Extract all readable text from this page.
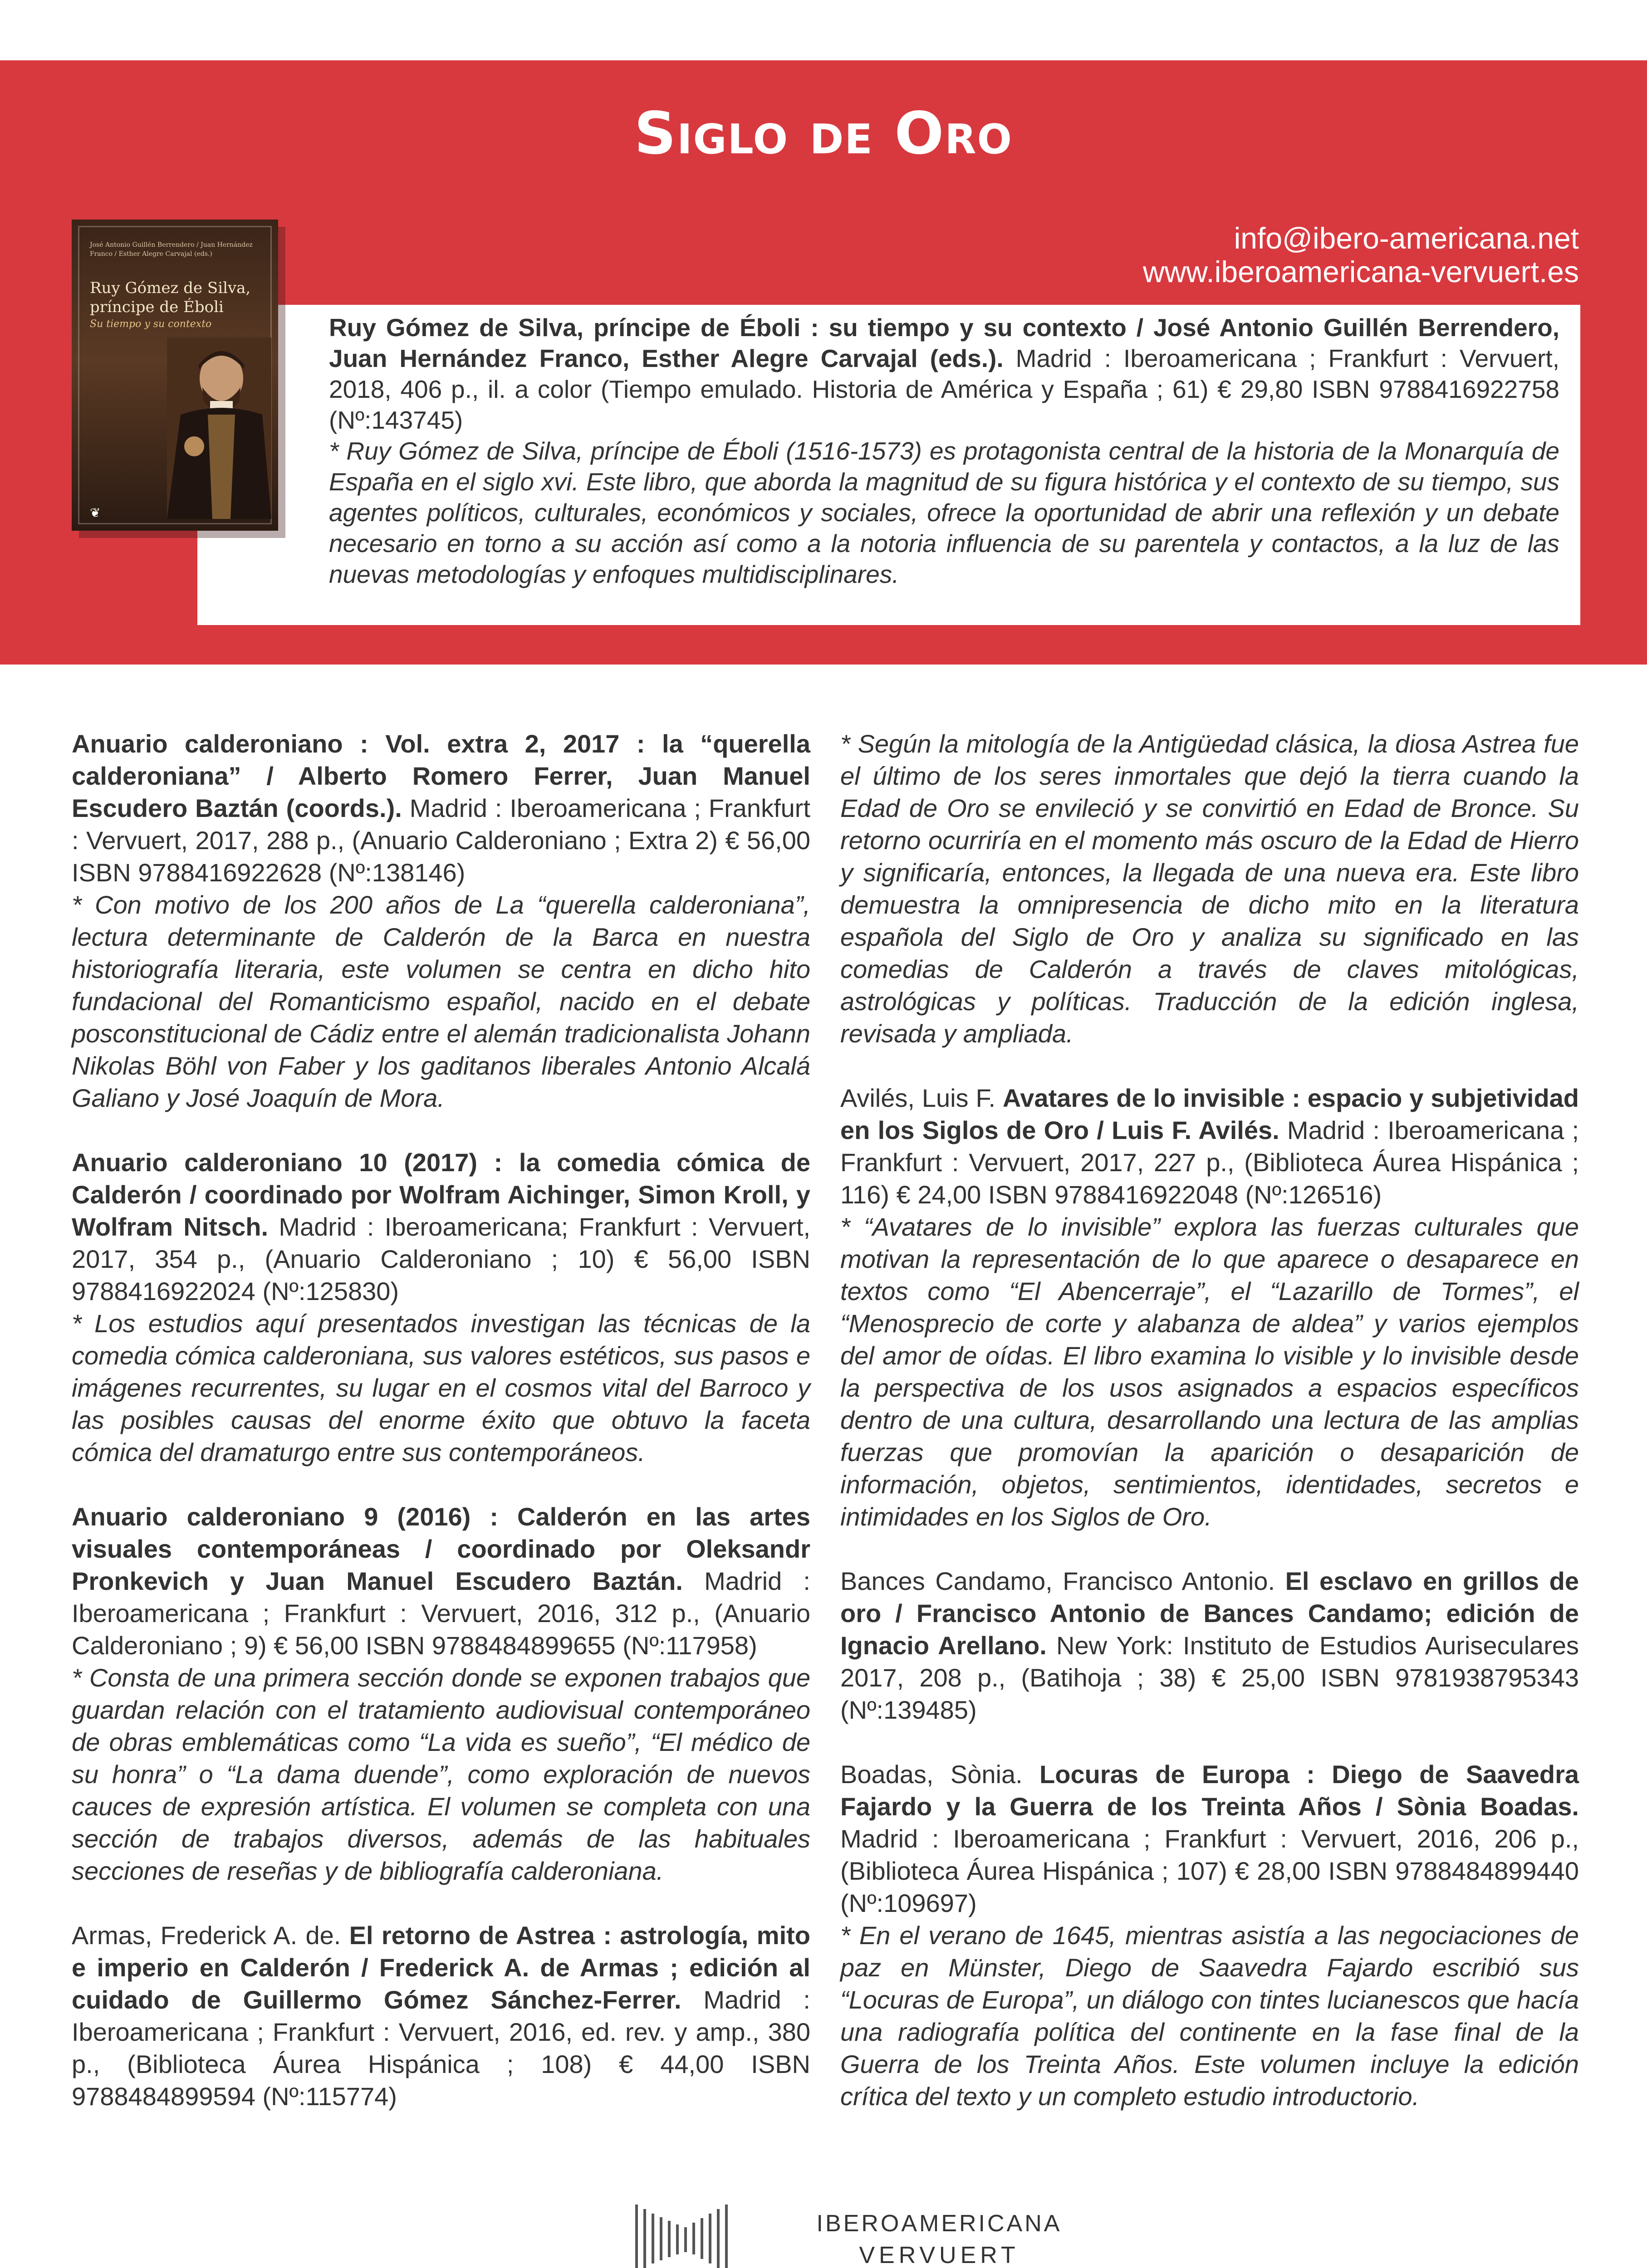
Siglo de Oro
info@ibero-americana.net
www.iberoamericana-vervuert.es
José Antonio Guillén Berrendero / Juan Hernández Franco / Esther Alegre Carvajal (eds.)
Ruy Gómez de Silva, príncipe de Éboli
Su tiempo y su contexto
❦
Ruy Gómez de Silva, príncipe de Éboli : su tiempo y su contexto / José Antonio Guillén Berrendero, Juan Hernández Franco, Esther Alegre Carvajal (eds.). Madrid : Iberoamericana ; Frankfurt : Vervuert, 2018, 406 p., il. a color (Tiempo emulado. Historia de América y España ; 61) € 29,80 ISBN 9788416922758 (Nº:143745)
* Ruy Gómez de Silva, príncipe de Éboli (1516-1573) es protagonista central de la historia de la Monarquía de España en el siglo xvi. Este libro, que aborda la magnitud de su figura histórica y el contexto de su tiempo, sus agentes políticos, culturales, económicos y sociales, ofrece la oportunidad de abrir una reflexión y un debate necesario en torno a su acción así como a la notoria influencia de su parentela y contactos, a la luz de las nuevas metodologías y enfoques multidisciplinares.
Anuario calderoniano : Vol. extra 2, 2017 : la “querella calderoniana” / Alberto Romero Ferrer, Juan Manuel Escudero Baztán (coords.). Madrid : Iberoamericana ; Frankfurt : Vervuert, 2017, 288 p., (Anuario Calderoniano ; Extra 2) € 56,00 ISBN 9788416922628 (Nº:138146)
* Con motivo de los 200 años de La “querella calderoniana”, lectura determinante de Calderón de la Barca en nuestra historiografía literaria, este volumen se centra en dicho hito fundacional del Romanticismo español, nacido en el debate posconstitucional de Cádiz entre el alemán tradicionalista Johann Nikolas Böhl von Faber y los gaditanos liberales Antonio Alcalá Galiano y José Joaquín de Mora.
Anuario calderoniano 10 (2017) : la comedia cómica de Calderón / coordinado por Wolfram Aichinger, Simon Kroll, y Wolfram Nitsch. Madrid : Iberoamericana; Frankfurt : Vervuert, 2017, 354 p., (Anuario Calderoniano ; 10) € 56,00 ISBN 9788416922024 (Nº:125830)
* Los estudios aquí presentados investigan las técnicas de la comedia cómica calderoniana, sus valores estéticos, sus pasos e imágenes recurrentes, su lugar en el cosmos vital del Barroco y las posibles causas del enorme éxito que obtuvo la faceta cómica del dramaturgo entre sus contemporáneos.
Anuario calderoniano 9 (2016) : Calderón en las artes visuales contemporáneas / coordinado por Oleksandr Pronkevich y Juan Manuel Escudero Baztán. Madrid : Iberoamericana ; Frankfurt : Vervuert, 2016, 312 p., (Anuario Calderoniano ; 9) € 56,00 ISBN 9788484899655 (Nº:117958)
* Consta de una primera sección donde se exponen trabajos que guardan relación con el tratamiento audiovisual contemporáneo de obras emblemáticas como “La vida es sueño”, “El médico de su honra” o “La dama duende”, como exploración de nuevos cauces de expresión artística. El volumen se completa con una sección de trabajos diversos, además de las habituales secciones de reseñas y de bibliografía calderoniana.
Armas, Frederick A. de. El retorno de Astrea : astrología, mito e imperio en Calderón / Frederick A. de Armas ; edición al cuidado de Guillermo Gómez Sánchez-Ferrer. Madrid : Iberoamericana ; Frankfurt : Vervuert, 2016, ed. rev. y amp., 380 p., (Biblioteca Áurea Hispánica ; 108) € 44,00 ISBN 9788484899594 (Nº:115774)
* Según la mitología de la Antigüedad clásica, la diosa Astrea fue el último de los seres inmortales que dejó la tierra cuando la Edad de Oro se envileció y se convirtió en Edad de Bronce. Su retorno ocurriría en el momento más oscuro de la Edad de Hierro y significaría, entonces, la llegada de una nueva era. Este libro demuestra la omnipresencia de dicho mito en la literatura española del Siglo de Oro y analiza su significado en las comedias de Calderón a través de claves mitológicas, astrológicas y políticas. Traducción de la edición inglesa, revisada y ampliada.
Avilés, Luis F. Avatares de lo invisible : espacio y subjetividad en los Siglos de Oro / Luis F. Avilés. Madrid : Iberoamericana ; Frankfurt : Vervuert, 2017, 227 p., (Biblioteca Áurea Hispánica ; 116) € 24,00 ISBN 9788416922048 (Nº:126516)
* “Avatares de lo invisible” explora las fuerzas culturales que motivan la representación de lo que aparece o desaparece en textos como “El Abencerraje”, el “Lazarillo de Tormes”, el “Menosprecio de corte y alabanza de aldea” y varios ejemplos del amor de oídas. El libro examina lo visible y lo invisible desde la perspectiva de los usos asignados a espacios específicos dentro de una cultura, desarrollando una lectura de las amplias fuerzas que promovían la aparición o desaparición de información, objetos, sentimientos, identidades, secretos e intimidades en los Siglos de Oro.
Bances Candamo, Francisco Antonio. El esclavo en grillos de oro / Francisco Antonio de Bances Candamo; edición de Ignacio Arellano. New York: Instituto de Estudios Auriseculares 2017, 208 p., (Batihoja ; 38) € 25,00 ISBN 9781938795343 (Nº:139485)
Boadas, Sònia. Locuras de Europa : Diego de Saavedra Fajardo y la Guerra de los Treinta Años / Sònia Boadas. Madrid : Iberoamericana ; Frankfurt : Vervuert, 2016, 206 p., (Biblioteca Áurea Hispánica ; 107) € 28,00 ISBN 9788484899440 (Nº:109697)
* En el verano de 1645, mientras asistía a las negociaciones de paz en Münster, Diego de Saavedra Fajardo escribió sus “Locuras de Europa”, un diálogo con tintes lucianescos que hacía una radiografía política del continente en la fase final de la Guerra de los Treinta Años. Este volumen incluye la edición crítica del texto y un completo estudio introductorio.
IBEROAMERICANA
VERVUERT
